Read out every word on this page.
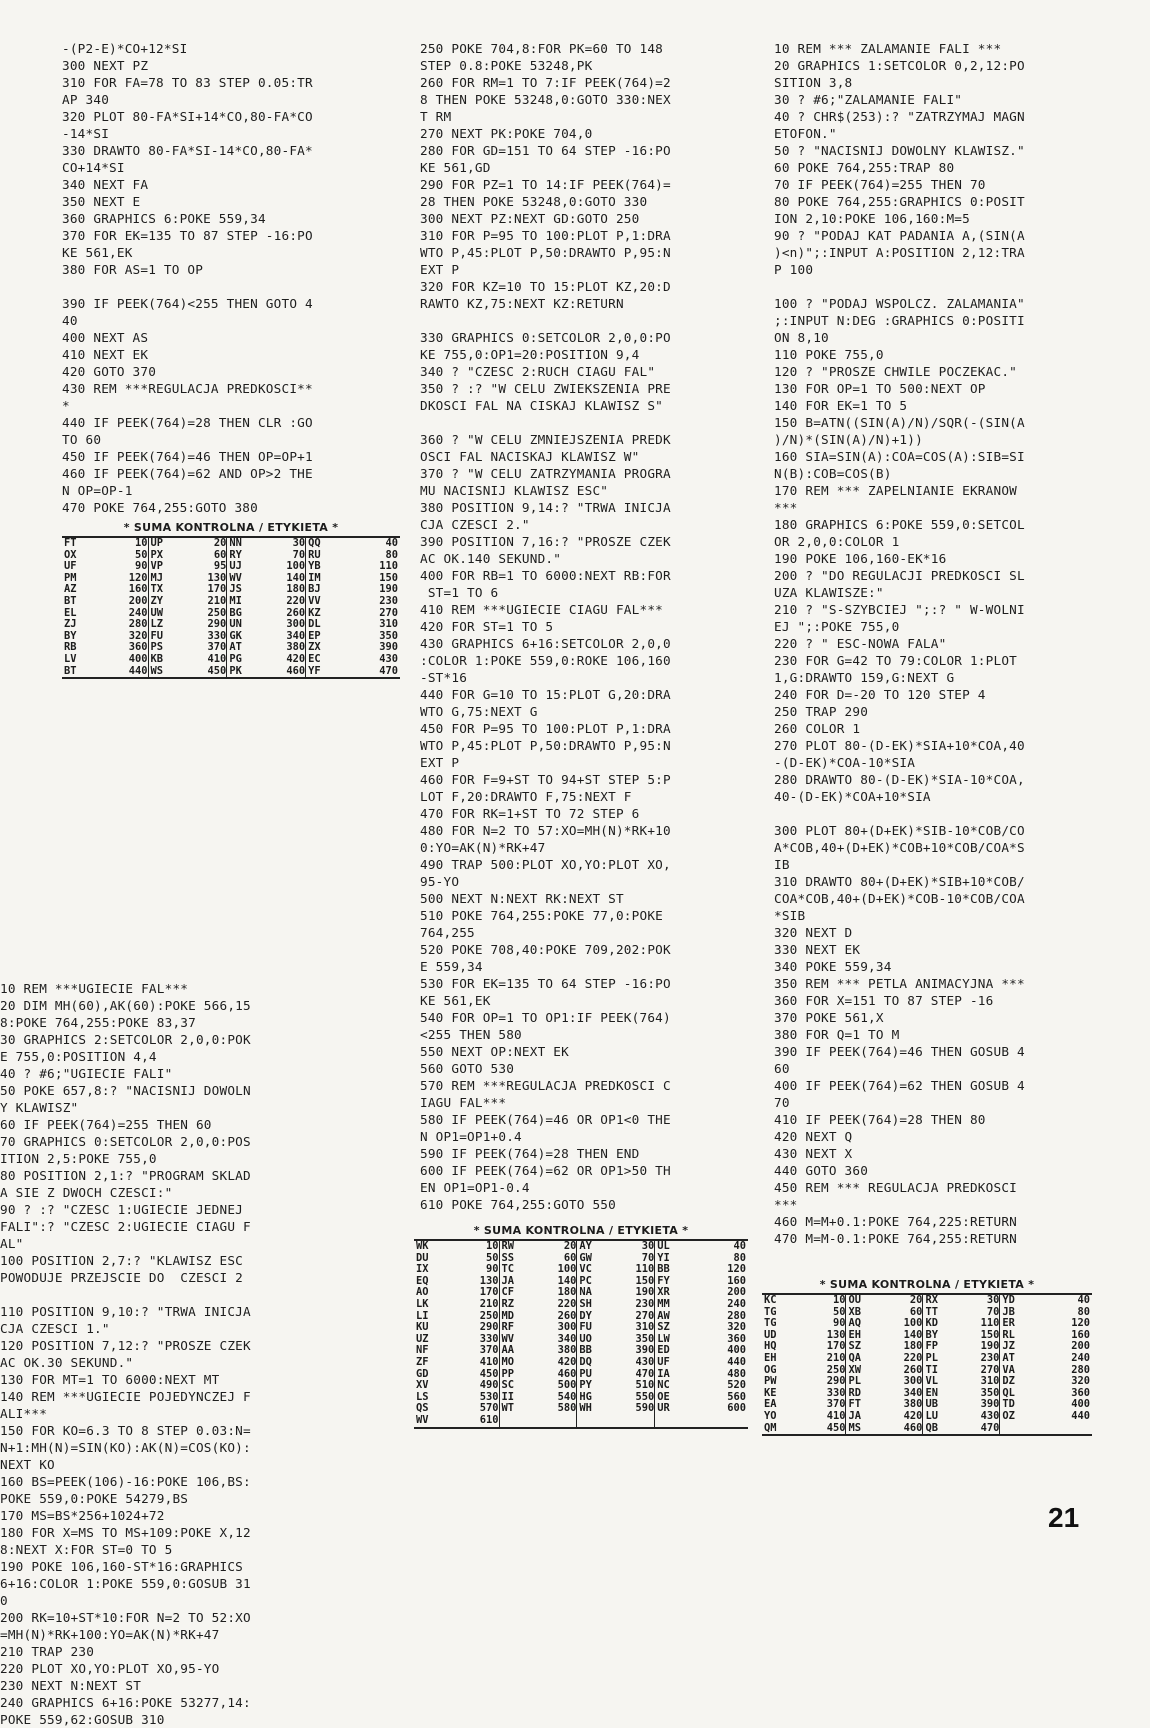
-(P2-E)*CO+12*SI
300 NEXT PZ
310 FOR FA=78 TO 83 STEP 0.05:TR
AP 340
320 PLOT 80-FA*SI+14*CO,80-FA*CO
-14*SI
330 DRAWTO 80-FA*SI-14*CO,80-FA*
CO+14*SI
340 NEXT FA
350 NEXT E
360 GRAPHICS 6:POKE 559,34
370 FOR EK=135 TO 87 STEP -16:PO
KE 561,EK
380 FOR AS=1 TO OP

390 IF PEEK(764)<255 THEN GOTO 4
40
400 NEXT AS
410 NEXT EK
420 GOTO 370
430 REM ***REGULACJA PREDKOSCI**
*
440 IF PEEK(764)=28 THEN CLR :GO
TO 60
450 IF PEEK(764)=46 THEN OP=OP+1
460 IF PEEK(764)=62 AND OP>2 THE
N OP=OP-1
470 POKE 764,255:GOTO 380
* SUMA KONTROLNA / ETYKIETA *
FT	10	UP	20	NN	30	QQ	40
OX	50	PX	60	RY	70	RU	80
UF	90	VP	95	UJ	100	YB	110
PM	120	MJ	130	WV	140	IM	150
AZ	160	TX	170	JS	180	BJ	190
BT	200	ZY	210	MI	220	VV	230
EL	240	UW	250	BG	260	KZ	270
ZJ	280	LZ	290	UN	300	DL	310
BY	320	FU	330	GK	340	EP	350
RB	360	PS	370	AT	380	ZX	390
LV	400	KB	410	PG	420	EC	430
BT	440	WS	450	PK	460	YF	470
10 REM ***UGIECIE FAL***
20 DIM MH(60),AK(60):POKE 566,15
8:POKE 764,255:POKE 83,37
30 GRAPHICS 2:SETCOLOR 2,0,0:POK
E 755,0:POSITION 4,4
40 ? #6;"UGIECIE FALI"
50 POKE 657,8:? "NACISNIJ DOWOLN
Y KLAWISZ"
60 IF PEEK(764)=255 THEN 60
70 GRAPHICS 0:SETCOLOR 2,0,0:POS
ITION 2,5:POKE 755,0
80 POSITION 2,1:? "PROGRAM SKLAD
A SIE Z DWOCH CZESCI:"
90 ? :? "CZESC 1:UGIECIE JEDNEJ
FALI":? "CZESC 2:UGIECIE CIAGU F
AL"
100 POSITION 2,7:? "KLAWISZ ESC
POWODUJE PRZEJSCIE DO  CZESCI 2

110 POSITION 9,10:? "TRWA INICJA
CJA CZESCI 1."
120 POSITION 7,12:? "PROSZE CZEK
AC OK.30 SEKUND."
130 FOR MT=1 TO 6000:NEXT MT
140 REM ***UGIECIE POJEDYNCZEJ F
ALI***
150 FOR KO=6.3 TO 8 STEP 0.03:N=
N+1:MH(N)=SIN(KO):AK(N)=COS(KO):
NEXT KO
160 BS=PEEK(106)-16:POKE 106,BS:
POKE 559,0:POKE 54279,BS
170 MS=BS*256+1024+72
180 FOR X=MS TO MS+109:POKE X,12
8:NEXT X:FOR ST=0 TO 5
190 POKE 106,160-ST*16:GRAPHICS
6+16:COLOR 1:POKE 559,0:GOSUB 31
0
200 RK=10+ST*10:FOR N=2 TO 52:XO
=MH(N)*RK+100:YO=AK(N)*RK+47
210 TRAP 230
220 PLOT XO,YO:PLOT XO,95-YO
230 NEXT N:NEXT ST
240 GRAPHICS 6+16:POKE 53277,14:
POKE 559,62:GOSUB 310
250 POKE 704,8:FOR PK=60 TO 148
STEP 0.8:POKE 53248,PK
260 FOR RM=1 TO 7:IF PEEK(764)=2
8 THEN POKE 53248,0:GOTO 330:NEX
T RM
270 NEXT PK:POKE 704,0
280 FOR GD=151 TO 64 STEP -16:PO
KE 561,GD
290 FOR PZ=1 TO 14:IF PEEK(764)=
28 THEN POKE 53248,0:GOTO 330
300 NEXT PZ:NEXT GD:GOTO 250
310 FOR P=95 TO 100:PLOT P,1:DRA
WTO P,45:PLOT P,50:DRAWTO P,95:N
EXT P
320 FOR KZ=10 TO 15:PLOT KZ,20:D
RAWTO KZ,75:NEXT KZ:RETURN

330 GRAPHICS 0:SETCOLOR 2,0,0:PO
KE 755,0:OP1=20:POSITION 9,4
340 ? "CZESC 2:RUCH CIAGU FAL"
350 ? :? "W CELU ZWIEKSZENIA PRE
DKOSCI FAL NA CISKAJ KLAWISZ S"

360 ? "W CELU ZMNIEJSZENIA PREDK
OSCI FAL NACISKAJ KLAWISZ W"
370 ? "W CELU ZATRZYMANIA PROGRA
MU NACISNIJ KLAWISZ ESC"
380 POSITION 9,14:? "TRWA INICJA
CJA CZESCI 2."
390 POSITION 7,16:? "PROSZE CZEK
AC OK.140 SEKUND."
400 FOR RB=1 TO 6000:NEXT RB:FOR
ST=1 TO 6
410 REM ***UGIECIE CIAGU FAL***
420 FOR ST=1 TO 5
430 GRAPHICS 6+16:SETCOLOR 2,0,0
:COLOR 1:POKE 559,0:ROKE 106,160
-ST*16
440 FOR G=10 TO 15:PLOT G,20:DRA
WTO G,75:NEXT G
450 FOR P=95 TO 100:PLOT P,1:DRA
WTO P,45:PLOT P,50:DRAWTO P,95:N
EXT P
460 FOR F=9+ST TO 94+ST STEP 5:P
LOT F,20:DRAWTO F,75:NEXT F
470 FOR RK=1+ST TO 72 STEP 6
480 FOR N=2 TO 57:XO=MH(N)*RK+10
0:YO=AK(N)*RK+47
490 TRAP 500:PLOT XO,YO:PLOT XO,
95-YO
500 NEXT N:NEXT RK:NEXT ST
510 POKE 764,255:POKE 77,0:POKE
764,255
520 POKE 708,40:POKE 709,202:POK
E 559,34
530 FOR EK=135 TO 64 STEP -16:PO
KE 561,EK
540 FOR OP=1 TO OP1:IF PEEK(764)
<255 THEN 580
550 NEXT OP:NEXT EK
560 GOTO 530
570 REM ***REGULACJA PREDKOSCI C
IAGU FAL***
580 IF PEEK(764)=46 OR OP1<0 THE
N OP1=OP1+0.4
590 IF PEEK(764)=28 THEN END
600 IF PEEK(764)=62 OR OP1>50 TH
EN OP1=OP1-0.4
610 POKE 764,255:GOTO 550
* SUMA KONTROLNA / ETYKIETA *
WK	10	RW	20	AY	30	UL	40
DU	50	SS	60	GW	70	YI	80
IX	90	TC	100	VC	110	BB	120
EQ	130	JA	140	PC	150	FY	160
AO	170	CF	180	NA	190	XR	200
LK	210	RZ	220	SH	230	MM	240
LI	250	MD	260	DY	270	AW	280
KU	290	RF	300	FU	310	SZ	320
UZ	330	WV	340	UO	350	LW	360
NF	370	AA	380	BB	390	ED	400
ZF	410	MO	420	DQ	430	UF	440
GD	450	PP	460	PU	470	IA	480
XV	490	SC	500	PY	510	NC	520
LS	530	II	540	HG	550	OE	560
QS	570	WT	580	WH	590	UR	600
WV	610						
10 REM *** ZALAMANIE FALI ***
20 GRAPHICS 1:SETCOLOR 0,2,12:PO
SITION 3,8
30 ? #6;"ZALAMANIE FALI"
40 ? CHR$(253):? "ZATRZYMAJ MAGN
ETOFON."
50 ? "NACISNIJ DOWOLNY KLAWISZ."
60 POKE 764,255:TRAP 80
70 IF PEEK(764)=255 THEN 70
80 POKE 764,255:GRAPHICS 0:POSIT
ION 2,10:POKE 106,160:M=5
90 ? "PODAJ KAT PADANIA A,(SIN(A
)<n)";:INPUT A:POSITION 2,12:TRA
P 100

100 ? "PODAJ WSPOLCZ. ZALAMANIA"
;:INPUT N:DEG :GRAPHICS 0:POSITI
ON 8,10
110 POKE 755,0
120 ? "PROSZE CHWILE POCZEKAC."
130 FOR OP=1 TO 500:NEXT OP
140 FOR EK=1 TO 5
150 B=ATN((SIN(A)/N)/SQR(-(SIN(A
)/N)*(SIN(A)/N)+1))
160 SIA=SIN(A):COA=COS(A):SIB=SI
N(B):COB=COS(B)
170 REM *** ZAPELNIANIE EKRANOW
***
180 GRAPHICS 6:POKE 559,0:SETCOL
OR 2,0,0:COLOR 1
190 POKE 106,160-EK*16
200 ? "DO REGULACJI PREDKOSCI SL
UZA KLAWISZE:"
210 ? "S-SZYBCIEJ ";:? " W-WOLNI
EJ ";:POKE 755,0
220 ? " ESC-NOWA FALA"
230 FOR G=42 TO 79:COLOR 1:PLOT
1,G:DRAWTO 159,G:NEXT G
240 FOR D=-20 TO 120 STEP 4
250 TRAP 290
260 COLOR 1
270 PLOT 80-(D-EK)*SIA+10*COA,40
-(D-EK)*COA-10*SIA
280 DRAWTO 80-(D-EK)*SIA-10*COA,
40-(D-EK)*COA+10*SIA

300 PLOT 80+(D+EK)*SIB-10*COB/CO
A*COB,40+(D+EK)*COB+10*COB/COA*S
IB
310 DRAWTO 80+(D+EK)*SIB+10*COB/
COA*COB,40+(D+EK)*COB-10*COB/COA
*SIB
320 NEXT D
330 NEXT EK
340 POKE 559,34
350 REM *** PETLA ANIMACYJNA ***
360 FOR X=151 TO 87 STEP -16
370 POKE 561,X
380 FOR Q=1 TO M
390 IF PEEK(764)=46 THEN GOSUB 4
60
400 IF PEEK(764)=62 THEN GOSUB 4
70
410 IF PEEK(764)=28 THEN 80
420 NEXT Q
430 NEXT X
440 GOTO 360
450 REM *** REGULACJA PREDKOSCI
***
460 M=M+0.1:POKE 764,225:RETURN
470 M=M-0.1:POKE 764,255:RETURN
* SUMA KONTROLNA / ETYKIETA *
KC	10	OU	20	RX	30	YD	40
TG	50	XB	60	TT	70	JB	80
TG	90	AQ	100	KD	110	ER	120
UD	130	EH	140	BY	150	RL	160
HQ	170	SZ	180	FP	190	JZ	200
EH	210	QA	220	PL	230	AT	240
OG	250	XW	260	TI	270	VA	280
PW	290	PL	300	VL	310	DZ	320
KE	330	RD	340	EN	350	QL	360
EA	370	FT	380	UB	390	TD	400
YO	410	JA	420	LU	430	OZ	440
QM	450	MS	460	QB	470		
21
